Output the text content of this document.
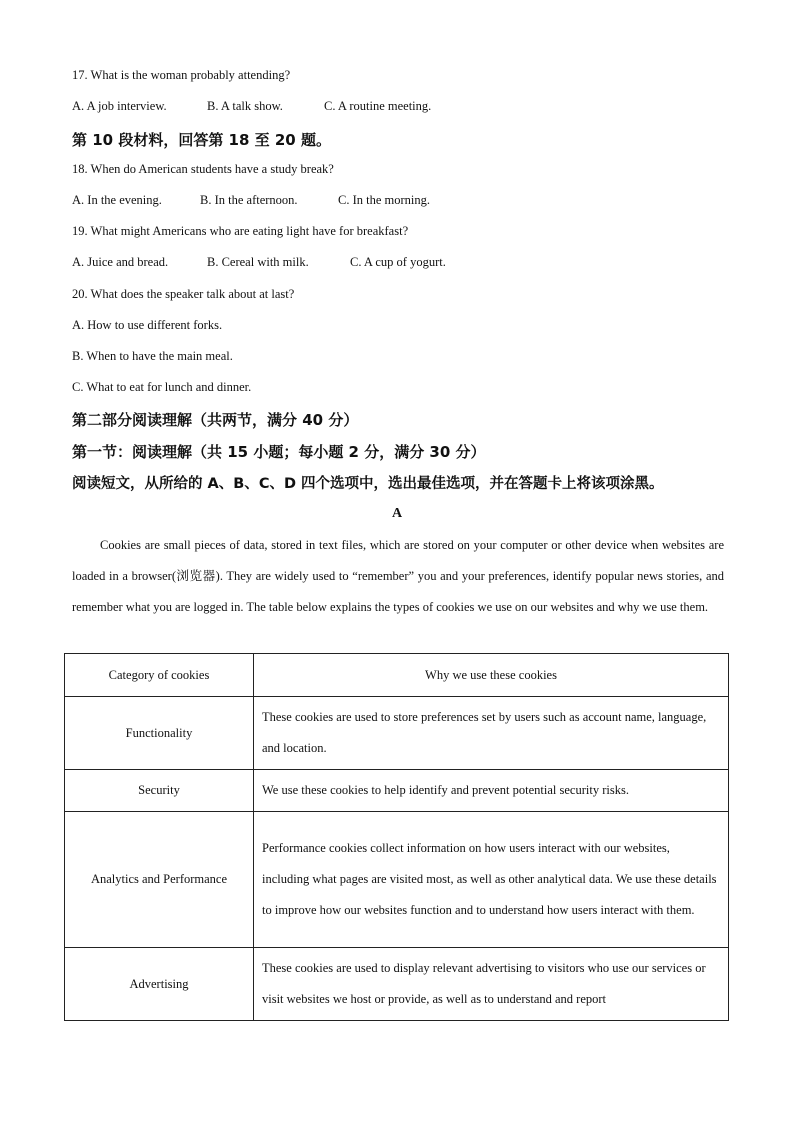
17. What is the woman probably attending?
A. A job interview.	B. A talk show.	C. A routine meeting.
第 10 段材料，回答第 18 至 20 题。
18. When do American students have a study break?
A. In the evening.	B. In the afternoon.	C. In the morning.
19. What might Americans who are eating light have for breakfast?
A. Juice and bread.	B. Cereal with milk.	C. A cup of yogurt.
20. What does the speaker talk about at last?
A. How to use different forks.
B. When to have the main meal.
C. What to eat for lunch and dinner.
第二部分阅读理解（共两节，满分 40 分）
第一节：阅读理解（共 15 小题；每小题 2 分，满分 30 分）
阅读短文，从所给的 A、B、C、D 四个选项中，选出最佳选项，并在答题卡上将该项涂黑。
A

Cookies are small pieces of data, stored in text files, which are stored on your computer or other device when websites are loaded in a browser(浏览器). They are widely used to “remember” you and your preferences, identify popular news stories, and remember what you are logged in. The table below explains the types of cookies we use on our websites and why we use them.

Category of cookies	Why we use these cookies
Functionality	These cookies are used to store preferences set by users such as account name, language, and location.
Security	We use these cookies to help identify and prevent potential security risks.
Analytics and Performance	Performance cookies collect information on how users interact with our websites, including what pages are visited most, as well as other analytical data. We use these details to improve how our websites function and to understand how users interact with them.
Advertising	These cookies are used to display relevant advertising to visitors who use our services or visit websites we host or provide, as well as to understand and report
